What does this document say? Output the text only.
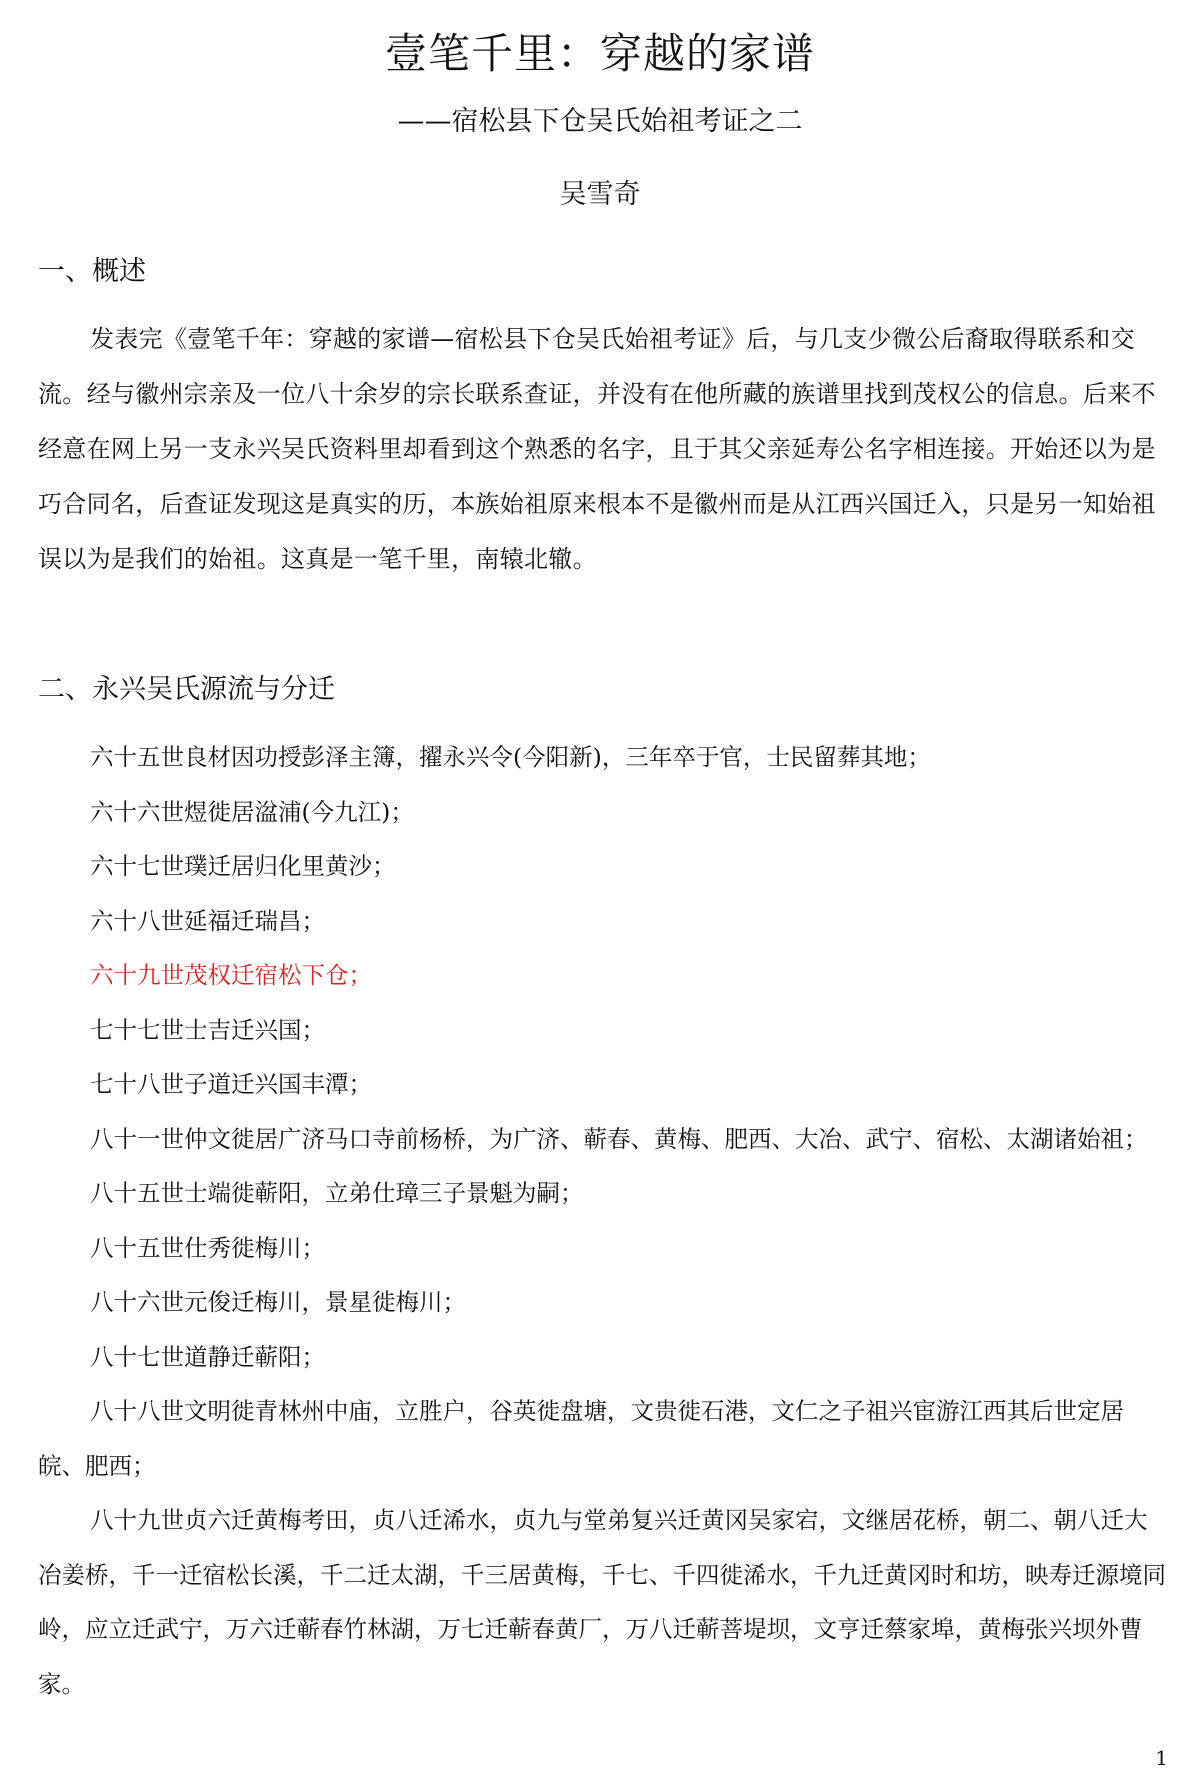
壹笔千里：穿越的家谱
——宿松县下仓吴氏始祖考证之二
吴雪奇
一、概述

发表完《壹笔千年：穿越的家谱—宿松县下仓吴氏始祖考证》后，与几支少微公后裔取得联系和交流。经与徽州宗亲及一位八十余岁的宗长联系查证，并没有在他所藏的族谱里找到茂权公的信息。后来不经意在网上另一支永兴吴氏资料里却看到这个熟悉的名字，且于其父亲延寿公名字相连接。开始还以为是巧合同名，后查证发现这是真实的历，本族始祖原来根本不是徽州而是从江西兴国迁入，只是另一知始祖误以为是我们的始祖。这真是一笔千里，南辕北辙。

二、永兴吴氏源流与分迁
六十五世良材因功授彭泽主簿，擢永兴令(今阳新)，三年卒于官，士民留葬其地；
六十六世煜徙居湓浦(今九江)；
六十七世璞迁居归化里黄沙；
六十八世延福迁瑞昌；
六十九世茂权迁宿松下仓；
七十七世士吉迁兴国；
七十八世子道迁兴国丰潭；
八十一世仲文徙居广济马口寺前杨桥，为广济、蕲春、黄梅、肥西、大冶、武宁、宿松、太湖诸始祖；
八十五世士端徙蕲阳，立弟仕璋三子景魁为嗣；
八十五世仕秀徙梅川；
八十六世元俊迁梅川，景星徙梅川；
八十七世道静迁蕲阳；
八十八世文明徙青林州中庙，立胜户，谷英徙盘塘，文贵徙石港，文仁之子祖兴宦游江西其后世定居皖、肥西；
八十九世贞六迁黄梅考田，贞八迁浠水，贞九与堂弟复兴迁黄冈吴家宕，文继居花桥，朝二、朝八迁大冶姜桥，千一迁宿松长溪，千二迁太湖，千三居黄梅，千七、千四徙浠水，千九迁黄冈时和坊，映寿迁源境同岭，应立迁武宁，万六迁蕲春竹林湖，万七迁蕲春黄厂，万八迁蕲菩堤坝，文亨迁蔡家埠，黄梅张兴坝外曹家。
1
